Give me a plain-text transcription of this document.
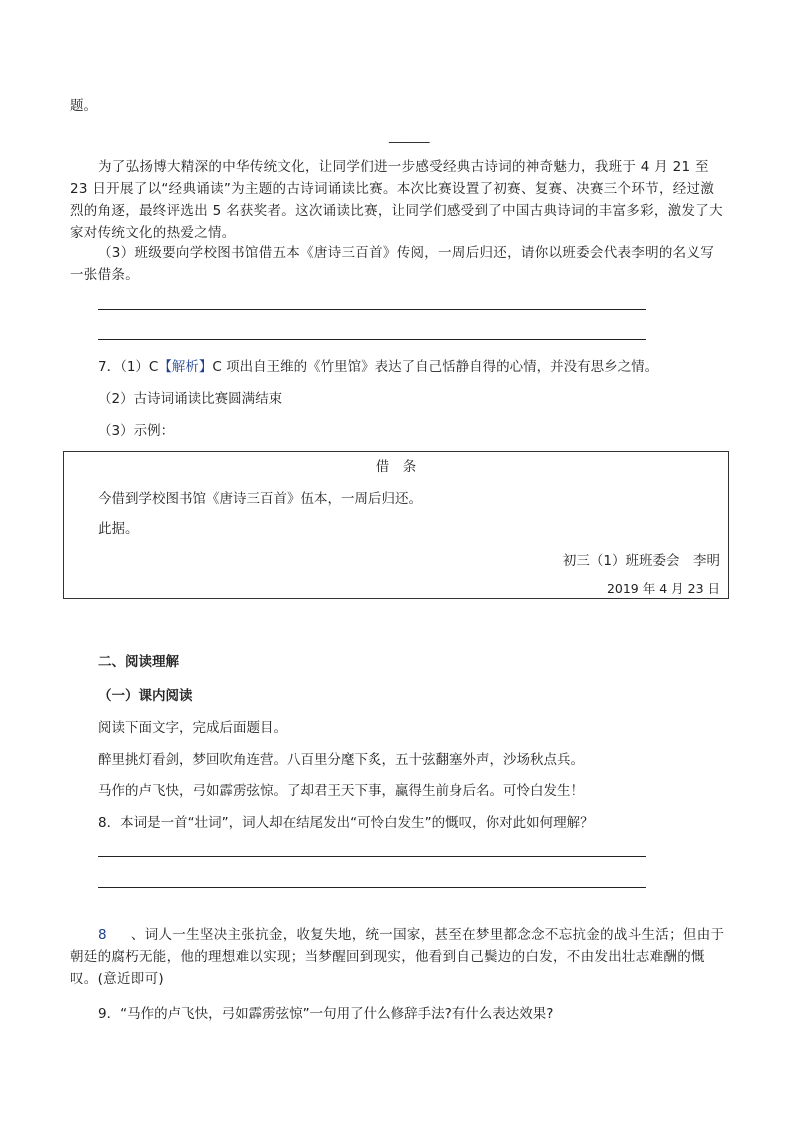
题。
______
为了弘扬博大精深的中华传统文化，让同学们进一步感受经典古诗词的神奇魅力，我班于 4 月 21 至 23 日开展了以“经典诵读”为主题的古诗词诵读比赛。本次比赛设置了初赛、复赛、决赛三个环节，经过激烈的角逐，最终评选出 5 名获奖者。这次诵读比赛，让同学们感受到了中国古典诗词的丰富多彩，激发了大家对传统文化的热爱之情。
（3）班级要向学校图书馆借五本《唐诗三百首》传阅，一周后归还，请你以班委会代表李明的名义写一张借条。
7．（1）C【解析】C 项出自王维的《竹里馆》表达了自己恬静自得的心情，并没有思乡之情。
（2）古诗词诵读比赛圆满结束
（3）示例：
借　条
今借到学校图书馆《唐诗三百首》伍本，一周后归还。
此据。
初三（1）班班委会　李明
2019 年 4 月 23 日
二、阅读理解
（一）课内阅读
阅读下面文字，完成后面题目。
醉里挑灯看剑，梦回吹角连营。八百里分麾下炙，五十弦翻塞外声，沙场秋点兵。
马作的卢飞快，弓如霹雳弦惊。了却君王天下事，赢得生前身后名。可怜白发生！
8．本词是一首“壮词”，词人却在结尾发出“可怜白发生”的慨叹，你对此如何理解？
8 、词人一生坚决主张抗金，收复失地，统一国家，甚至在梦里都念念不忘抗金的战斗生活；但由于朝廷的腐朽无能，他的理想难以实现；当梦醒回到现实，他看到自己鬓边的白发，不由发出壮志难酬的慨叹。(意近即可)
9．“马作的卢飞快，弓如霹雳弦惊”一句用了什么修辞手法?有什么表达效果?
